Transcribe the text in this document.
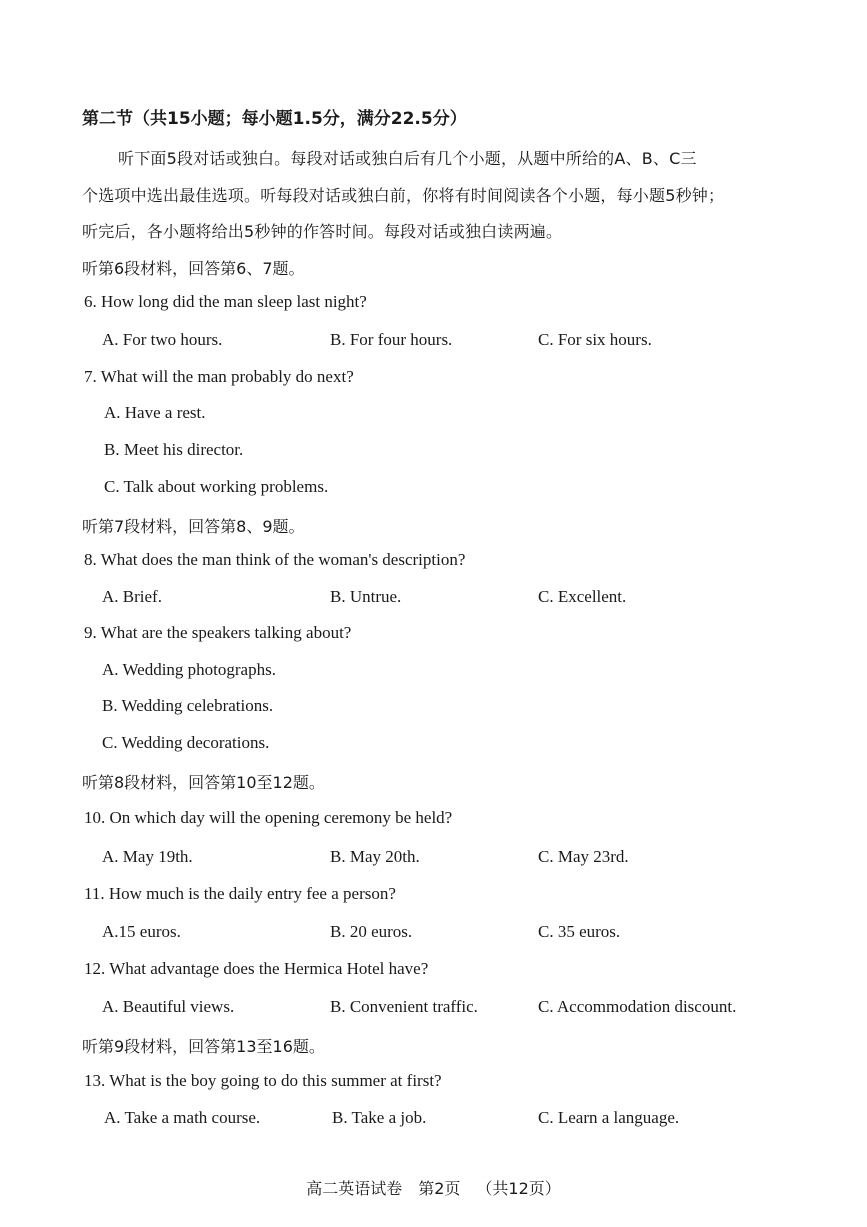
第二节（共15小题；每小题1.5分，满分22.5分）
听下面5段对话或独白。每段对话或独白后有几个小题，从题中所给的A、B、C三
个选项中选出最佳选项。听每段对话或独白前，你将有时间阅读各个小题，每小题5秒钟；
听完后，各小题将给出5秒钟的作答时间。每段对话或独白读两遍。
听第6段材料，回答第6、7题。
6. How long did the man sleep last night?
A. For two hours.	B. For four hours.	C. For six hours.
7. What will the man probably do next?
A. Have a rest.
B. Meet his director.
C. Talk about working problems.
听第7段材料，回答第8、9题。
8. What does the man think of the woman's description?
A. Brief.	B. Untrue.	C. Excellent.
9. What are the speakers talking about?
A. Wedding photographs.
B. Wedding celebrations.
C. Wedding decorations.
听第8段材料，回答第10至12题。
10. On which day will the opening ceremony be held?
A. May 19th.	B. May 20th.	C. May 23rd.
11. How much is the daily entry fee a person?
A.15 euros.	B. 20 euros.	C. 35 euros.
12. What advantage does the Hermica Hotel have?
A. Beautiful views.	B. Convenient traffic.	C. Accommodation discount.
听第9段材料，回答第13至16题。
13. What is the boy going to do this summer at first?
A. Take a math course.	B. Take a job.	C. Learn a language.
高二英语试卷 第2页 （共12页）
